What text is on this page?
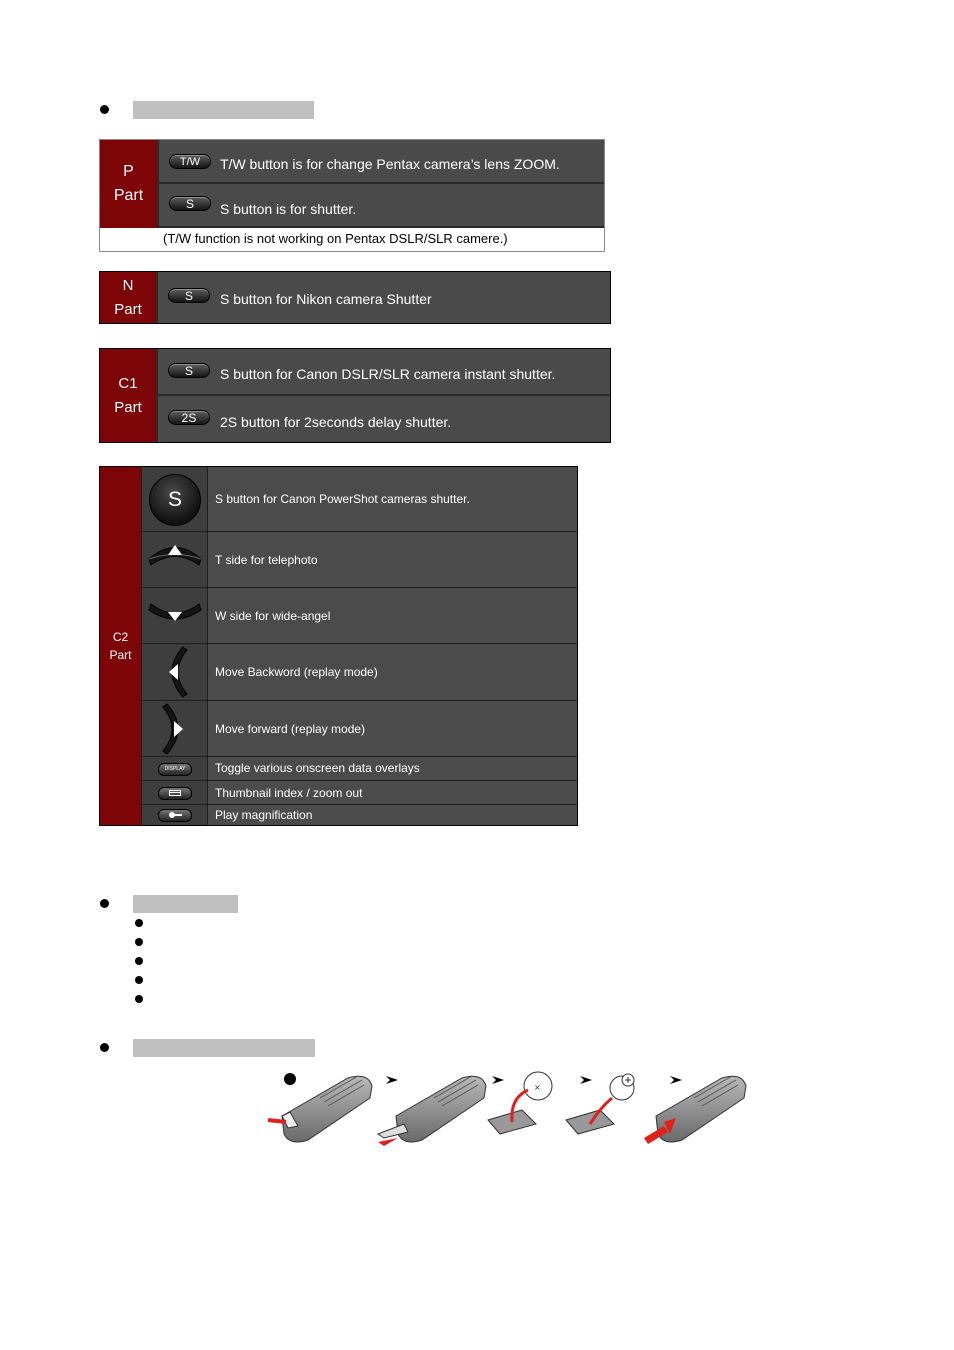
P
Part
T/W	T/W button is for change Pentax camera’s lens ZOOM.
S	S button is for shutter.
(T/W function is not working on Pentax DSLR/SLR camere.)
N
Part
S	S button for Nikon camera Shutter
C1
Part
S	S button for Canon DSLR/SLR camera instant shutter.
2S	2S button for 2seconds delay shutter.
C2
Part
S	S button for Canon PowerShot cameras shutter.
T side for telephoto
W side for wide-angel
Move Backword (replay mode)
Move forward (replay mode)
DISPLAY	Toggle various onscreen data overlays
Thumbnail index / zoom out
Play magnification
×
